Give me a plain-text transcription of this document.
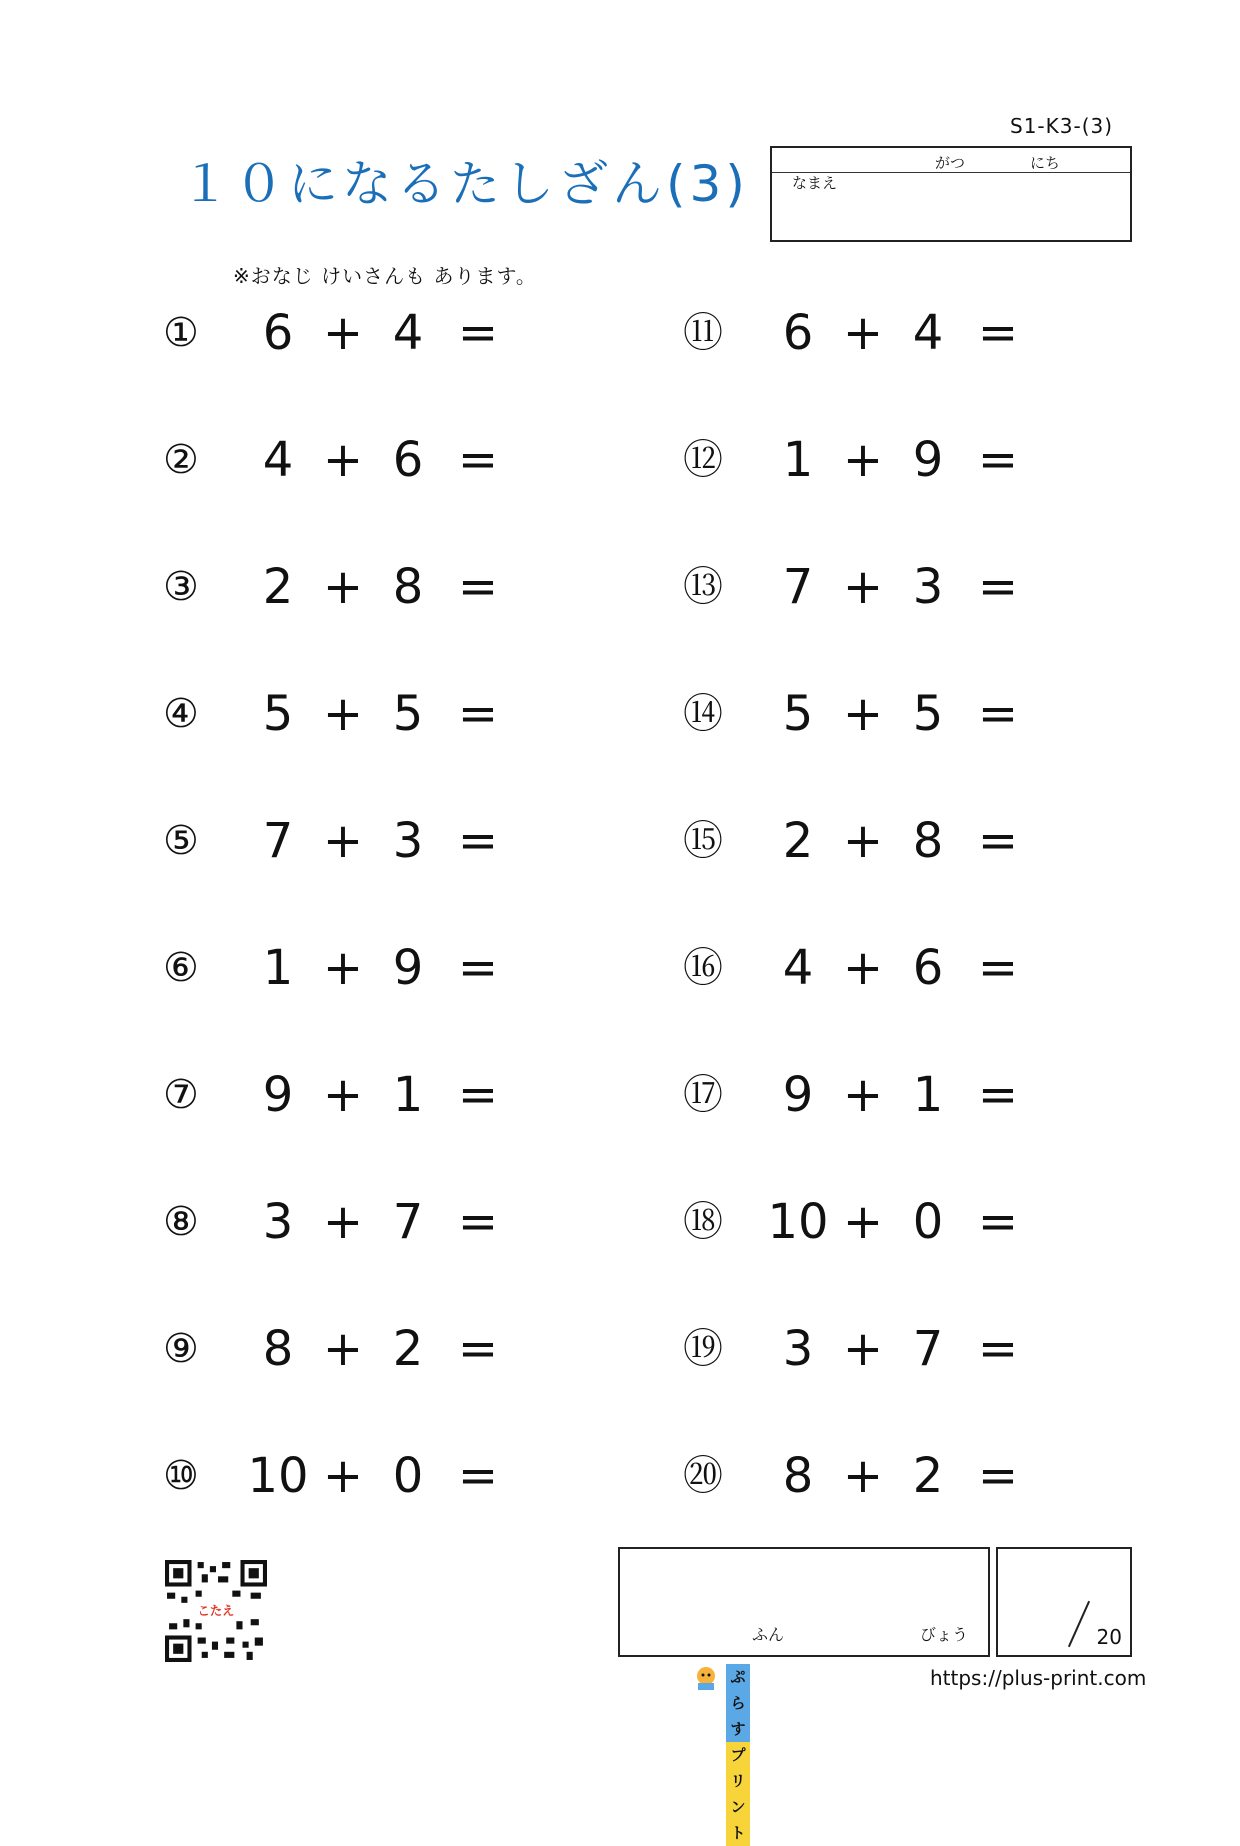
S1-K3-(3)
１０になるたしざん(3)	がつ	にち
なまえ
※おなじ けいさんも あります。
①	6 + 4 =
②	4 + 6 =
③	2 + 8 =
④	5 + 5 =
⑤	7 + 3 =
⑥	1 + 9 =
⑦	9 + 1 =
⑧	3 + 7 =
⑨	8 + 2 =
⑩ 10 + 0 =
⑪	6 + 4 =
⑫	1 + 9 =
⑬	7 + 3 =
⑭	5 + 5 =
⑮	2 + 8 =
⑯	4 + 6 =
⑰	9 + 1 =
⑱ 10 + 0 =
⑲	3 + 7 =
⑳	8 + 2 =
こたえ
ふん	びょう	20
ぷらすプリント
https://plus-print.com
